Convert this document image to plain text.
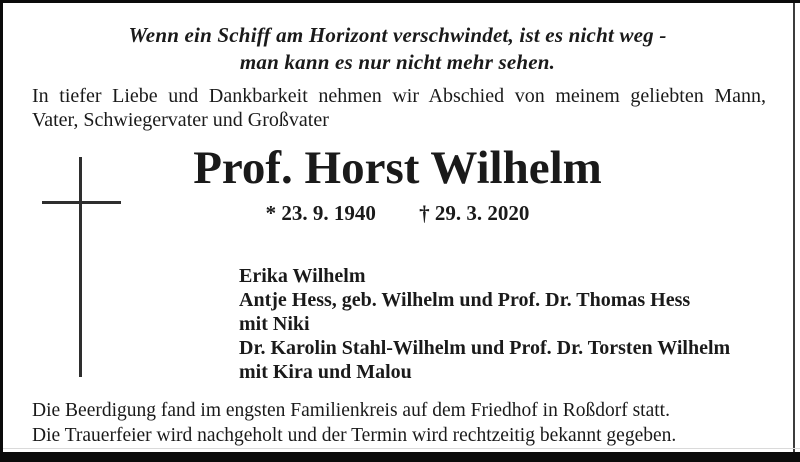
Wenn ein Schiff am Horizont verschwindet, ist es nicht weg -
man kann es nur nicht mehr sehen.
In tiefer Liebe und Dankbarkeit nehmen wir Abschied von meinem geliebten Mann,
Vater, Schwiegervater und Großvater
Prof. Horst Wilhelm
* 23. 9. 1940 † 29. 3. 2020
Erika Wilhelm
Antje Hess, geb. Wilhelm und Prof. Dr. Thomas Hess
mit Niki
Dr. Karolin Stahl-Wilhelm und Prof. Dr. Torsten Wilhelm
mit Kira und Malou
Die Beerdigung fand im engsten Familienkreis auf dem Friedhof in Roßdorf statt.
Die Trauerfeier wird nachgeholt und der Termin wird rechtzeitig bekannt gegeben.
